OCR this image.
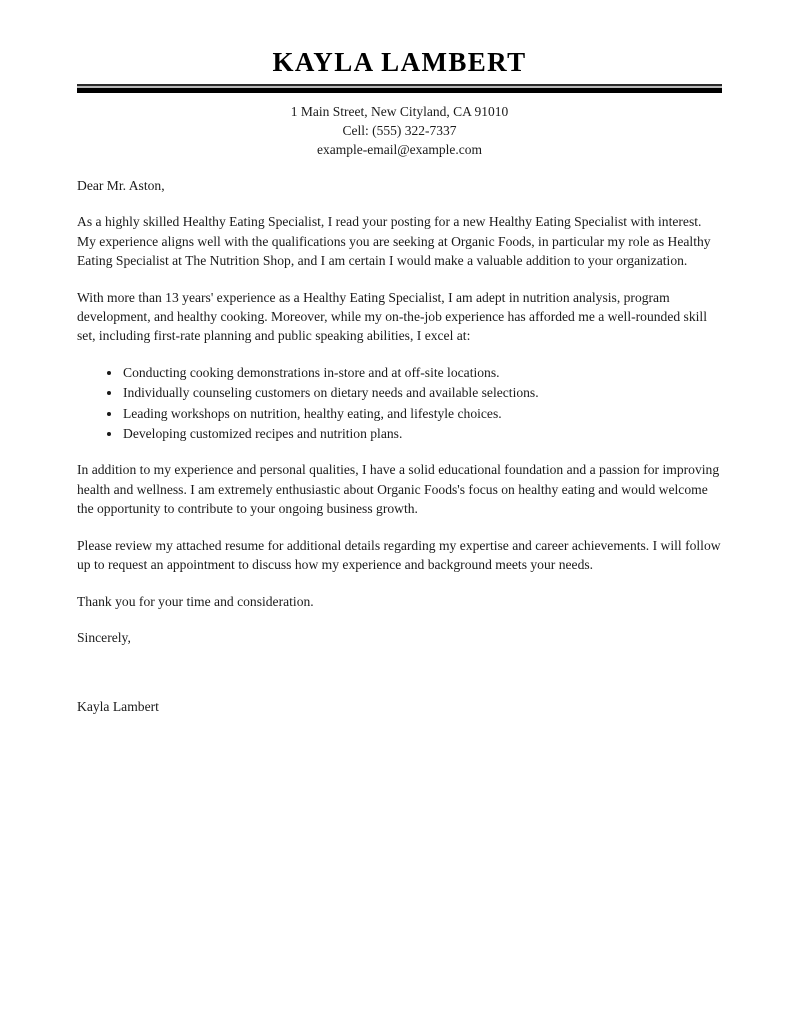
KAYLA LAMBERT

1 Main Street, New Cityland, CA 91010

Cell: (555) 322-7337

example-email@example.com

Dear Mr. Aston,

As a highly skilled Healthy Eating Specialist, I read your posting for a new Healthy Eating Specialist with interest. My experience aligns well with the qualifications you are seeking at Organic Foods, in particular my role as Healthy Eating Specialist at The Nutrition Shop, and I am certain I would make a valuable addition to your organization.

With more than 13 years' experience as a Healthy Eating Specialist, I am adept in nutrition analysis, program development, and healthy cooking. Moreover, while my on-the-job experience has afforded me a well-rounded skill set, including first-rate planning and public speaking abilities, I excel at:

Conducting cooking demonstrations in-store and at off-site locations.
Individually counseling customers on dietary needs and available selections.
Leading workshops on nutrition, healthy eating, and lifestyle choices.
Developing customized recipes and nutrition plans.

In addition to my experience and personal qualities, I have a solid educational foundation and a passion for improving health and wellness. I am extremely enthusiastic about Organic Foods's focus on healthy eating and would welcome the opportunity to contribute to your ongoing business growth.

Please review my attached resume for additional details regarding my expertise and career achievements. I will follow up to request an appointment to discuss how my experience and background meets your needs.

Thank you for your time and consideration.

Sincerely,

Kayla Lambert
